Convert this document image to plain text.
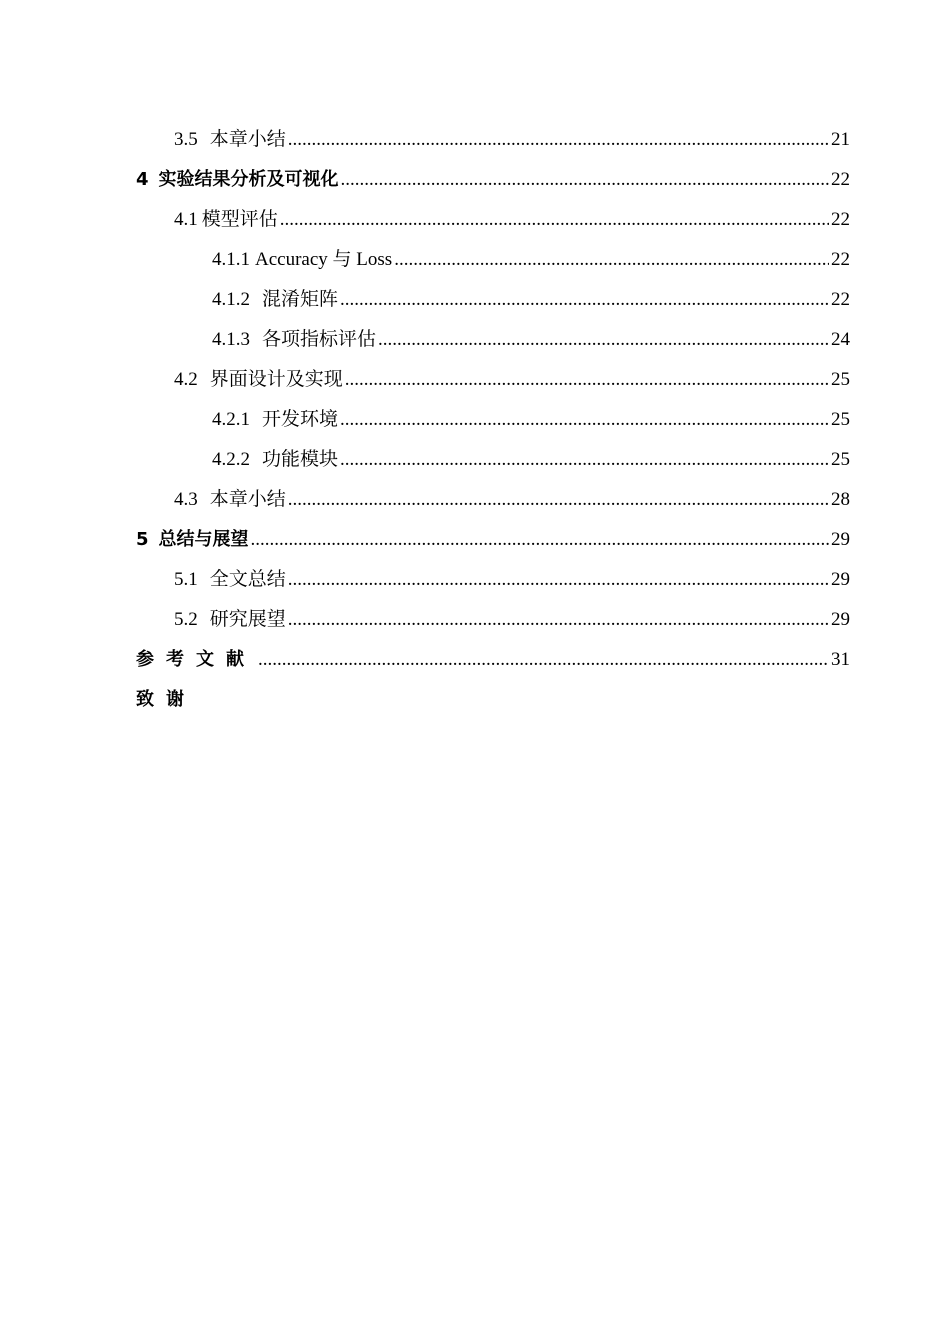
3.5 本章小结 .....	21
4 实验结果分析及可视化 .....	22
4.1 模型评估 .....	22
4.1.1 Accuracy 与 Loss .....	22
4.1.2 混淆矩阵 .....	22
4.1.3 各项指标评估 .....	24
4.2 界面设计及实现 .....	25
4.2.1 开发环境 .....	25
4.2.2 功能模块 .....	25
4.3 本章小结 .....	28
5 总结与展望 .....	29
5.1 全文总结 .....	29
5.2 研究展望 .....	29
参考文献 .....	31
致谢
